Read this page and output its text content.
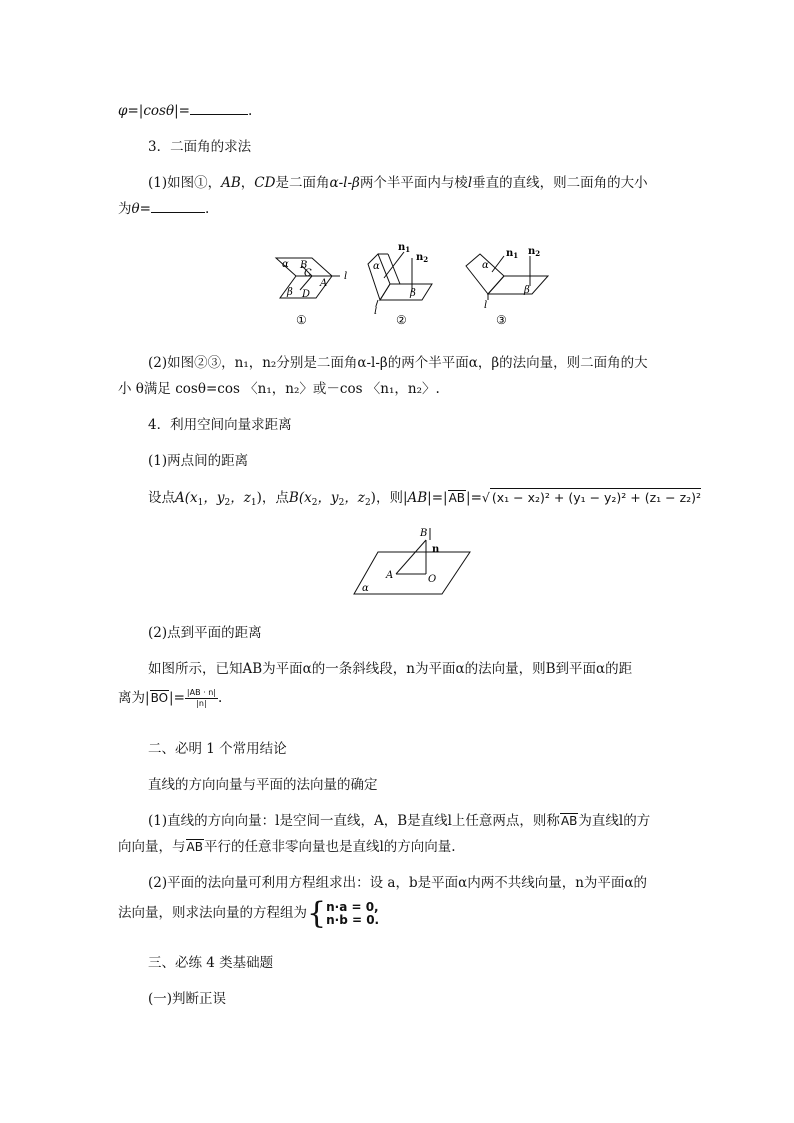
φ=|cosθ|=	.
3．二面角的求法
(1)如图①，AB，CD是二面角α-l-β两个半平面内与棱l垂直的直线，则二面角的大小
为θ=	.
α B
C
A
β D
l
①
$n_1$
$n_2$
α
β
l
②
$n_1$ $n_2$
α
β
l
③
(2)如图②③，n₁，n₂分别是二面角α-l-β的两个半平面α，β的法向量，则二面角的大
小 θ满足 cosθ=cos 〈n₁，n₂〉或－cos 〈n₁，n₂〉.
4．利用空间向量求距离
(1)两点间的距离
设点$A(x_1$，$y_2$，$z_1$)，点$B(x_2$，$y_2$，$z_2$)，则|AB|=|AB|=√ (x₁ − x₂)² + (y₁ − y₂)² + (z₁ − z₂)²
B
n
A	O
α
(2)点到平面的距离
如图所示，已知AB为平面α的一条斜线段，n为平面α的法向量，则B到平面α的距
离为$|BO|= \frac{|AB \cdot n|}{|n|}$ .
二、必明 1 个常用结论
直线的方向向量与平面的法向量的确定
(1)直线的方向向量：l是空间一直线，A，B是直线l上任意两点，则称AB为直线l的方
向向量，与AB平行的任意非零向量也是直线l的方向向量.
(2)平面的法向量可利用方程组求出：设 a，b是平面α内两不共线向量，n为平面α的
法向量，则求法向量的方程组为{ n·a = 0,
n·b = 0.
三、必练 4 类基础题
(一)判断正误
